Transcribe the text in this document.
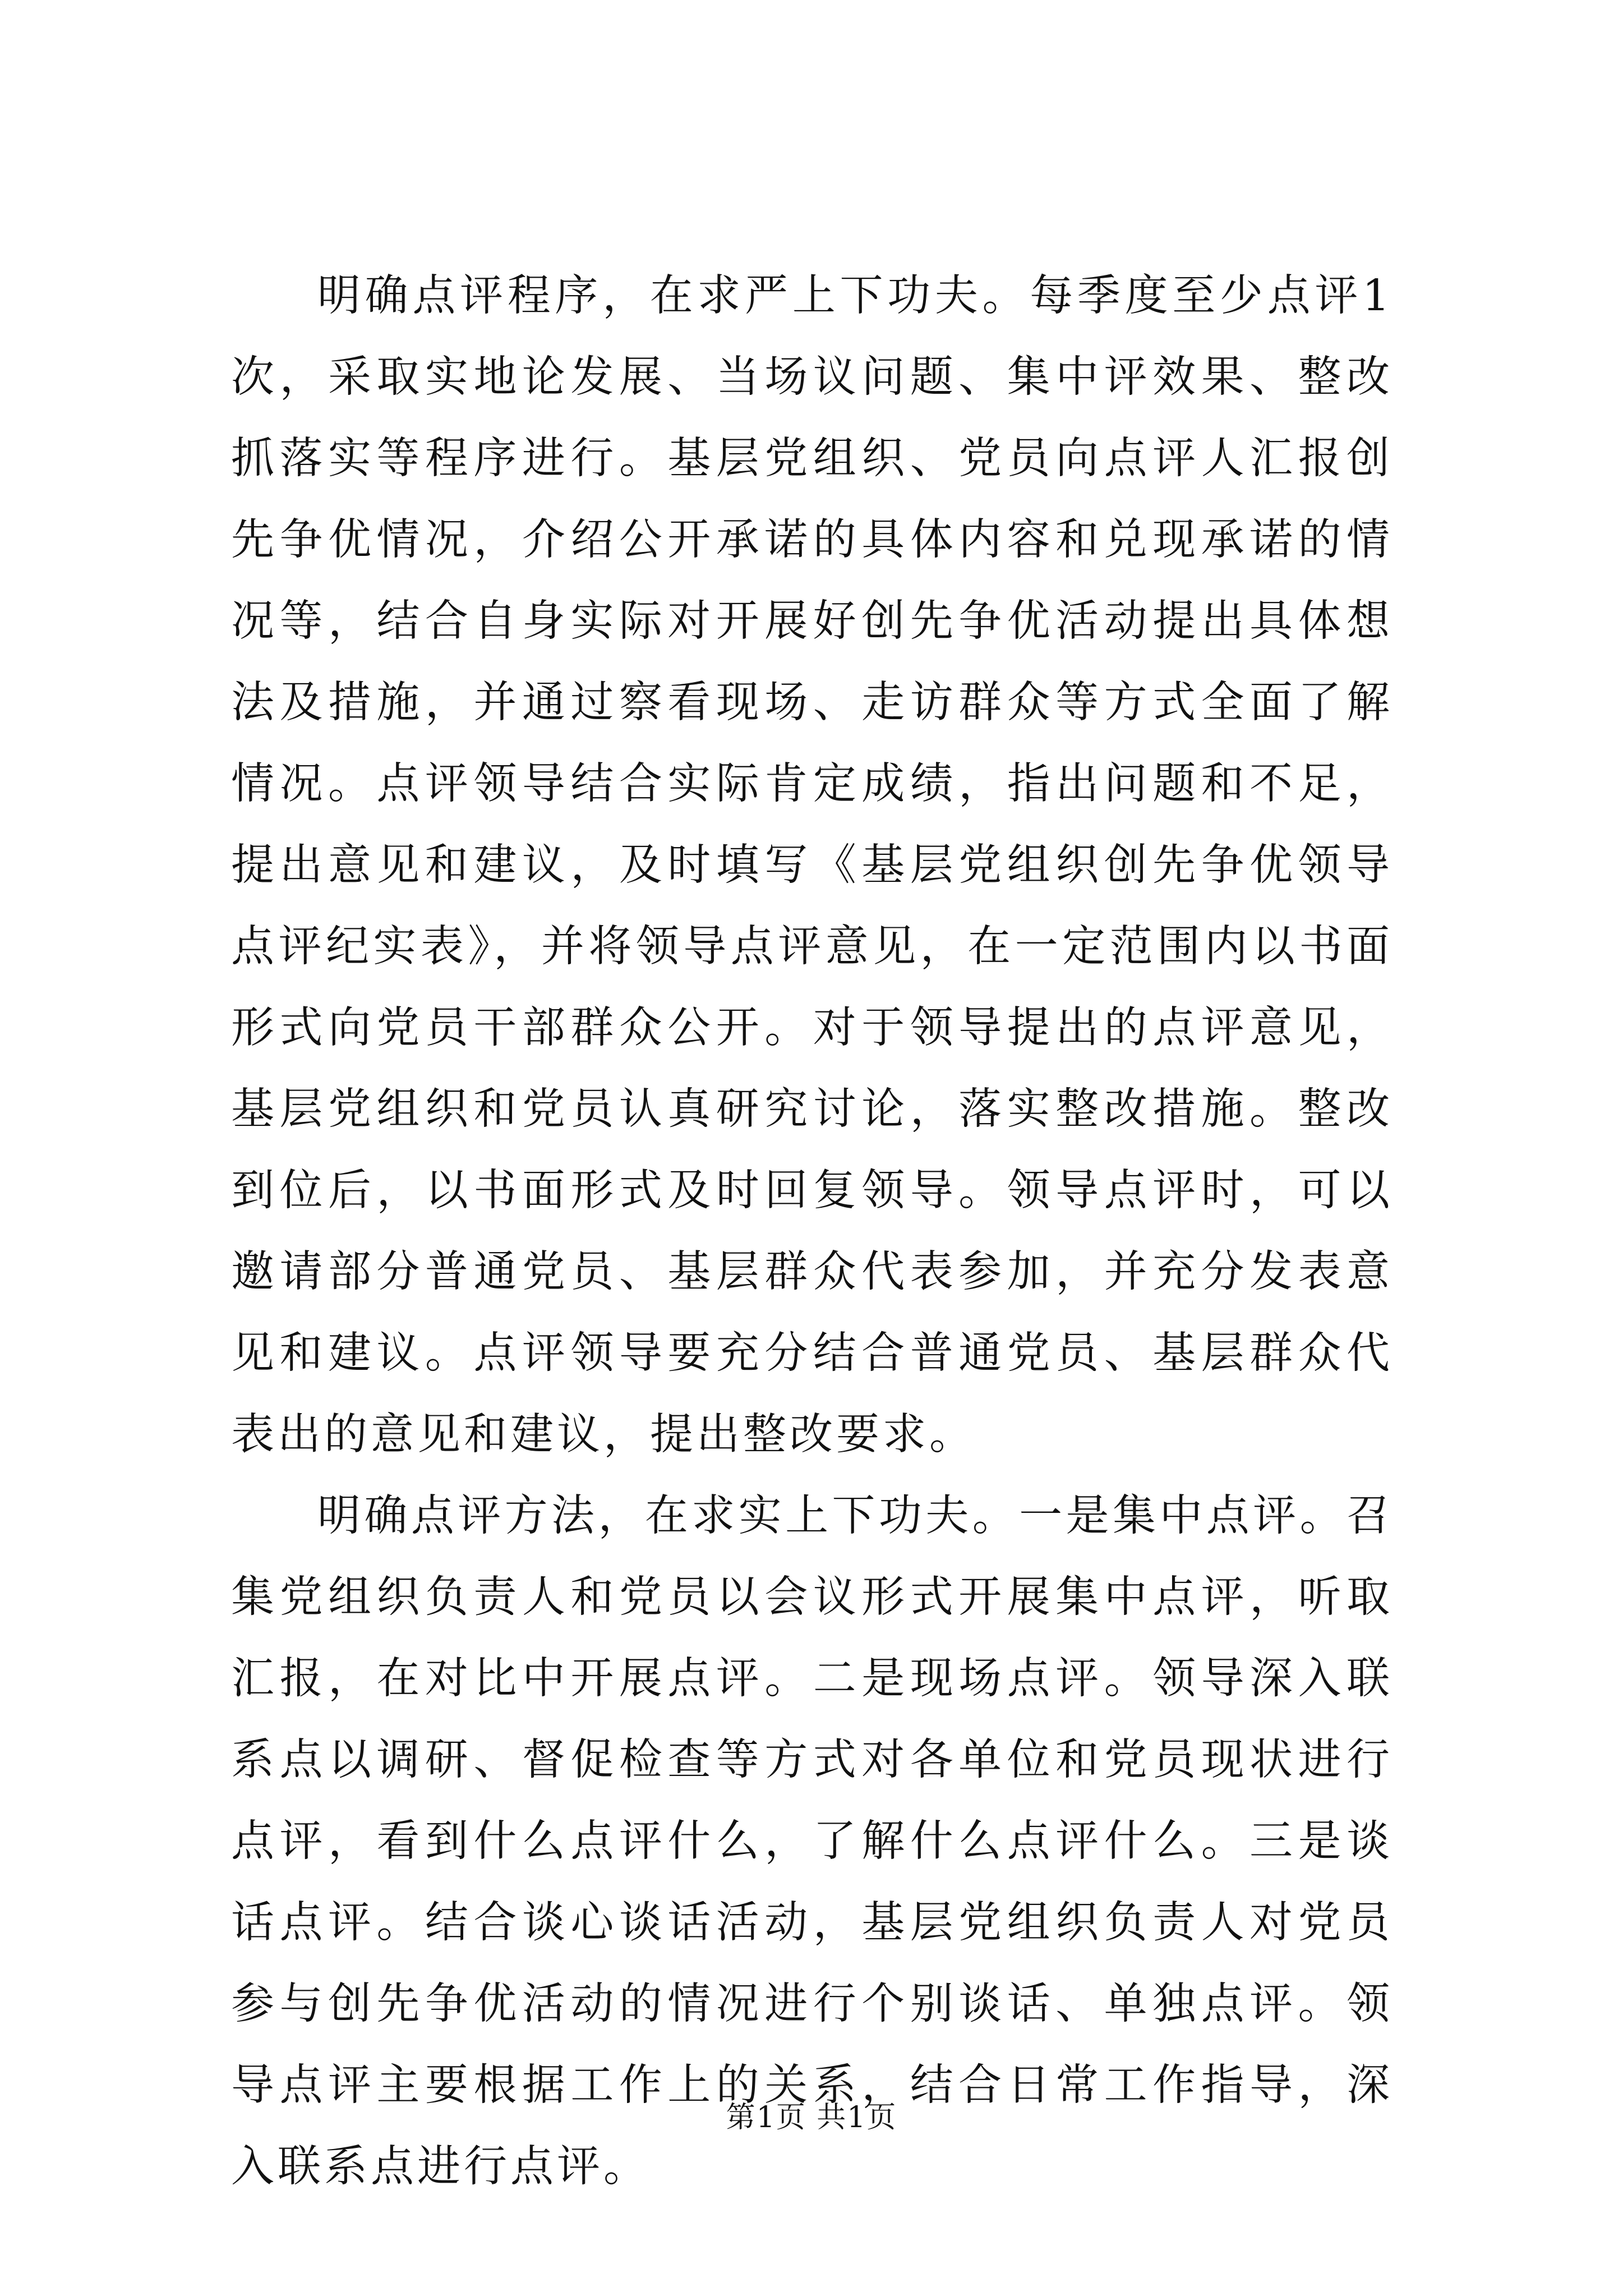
明确点评程序，在求严上下功夫。每季度至少点评1次，采取实地论发展、当场议问题、集中评效果、整改抓落实等程序进行。基层党组织、党员向点评人汇报创先争优情况，介绍公开承诺的具体内容和兑现承诺的情况等，结合自身实际对开展好创先争优活动提出具体想法及措施，并通过察看现场、走访群众等方式全面了解情况。点评领导结合实际肯定成绩，指出问题和不足，提出意见和建议，及时填写《基层党组织创先争优领导点评纪实表》，并将领导点评意见，在一定范围内以书面形式向党员干部群众公开。对于领导提出的点评意见，基层党组织和党员认真研究讨论，落实整改措施。整改到位后，以书面形式及时回复领导。领导点评时，可以邀请部分普通党员、基层群众代表参加，并充分发表意见和建议。点评领导要充分结合普通党员、基层群众代表出的意见和建议，提出整改要求。

明确点评方法，在求实上下功夫。一是集中点评。召集党组织负责人和党员以会议形式开展集中点评，听取汇报，在对比中开展点评。二是现场点评。领导深入联系点以调研、督促检查等方式对各单位和党员现状进行点评，看到什么点评什么，了解什么点评什么。三是谈话点评。结合谈心谈话活动，基层党组织负责人对党员参与创先争优活动的情况进行个别谈话、单独点评。领导点评主要根据工作上的关系，结合日常工作指导，深入联系点进行点评。

第1页 共1页
